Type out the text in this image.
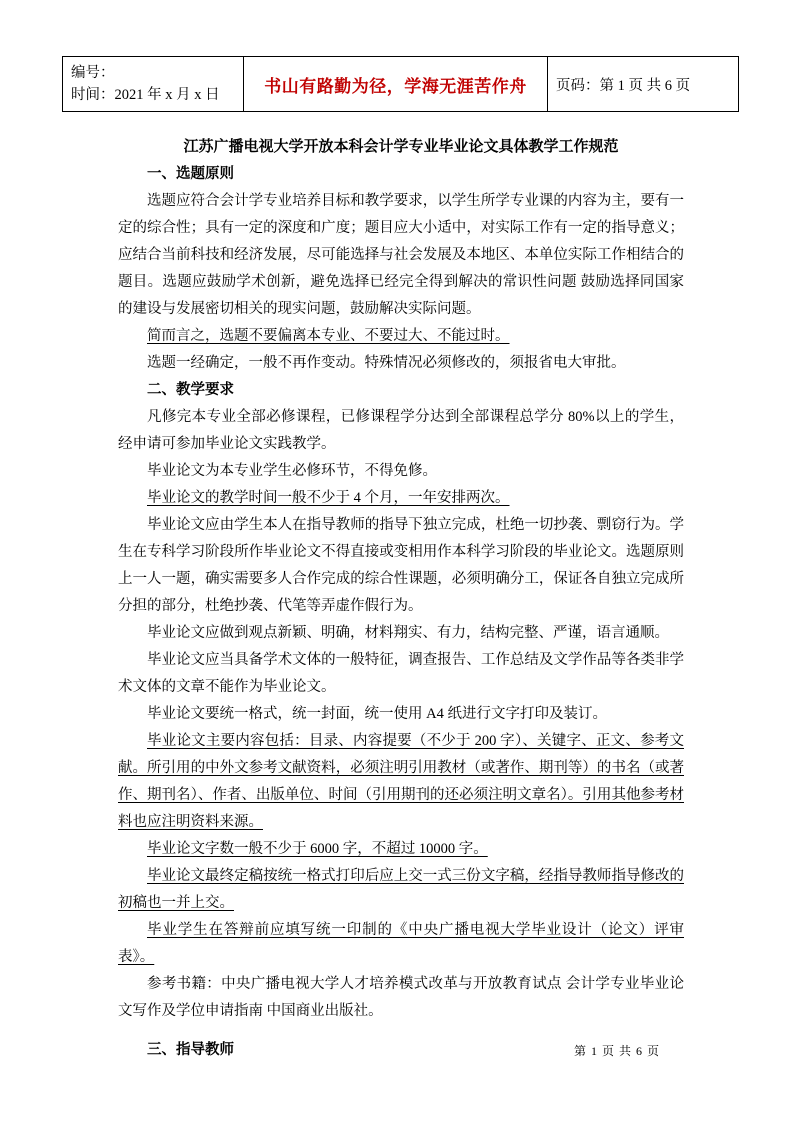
编号：
时间：2021 年 x 月 x 日	书山有路勤为径，学海无涯苦作舟	页码：第 1 页 共 6 页
江苏广播电视大学开放本科会计学专业毕业论文具体教学工作规范

一、选题原则

选题应符合会计学专业培养目标和教学要求，以学生所学专业课的内容为主，要有一定的综合性；具有一定的深度和广度；题目应大小适中，对实际工作有一定的指导意义；应结合当前科技和经济发展，尽可能选择与社会发展及本地区、本单位实际工作相结合的题目。选题应鼓励学术创新，避免选择已经完全得到解决的常识性问题 鼓励选择同国家的建设与发展密切相关的现实问题，鼓励解决实际问题。

简而言之，选题不要偏离本专业、不要过大、不能过时。

选题一经确定，一般不再作变动。特殊情况必须修改的，须报省电大审批。

二、教学要求

凡修完本专业全部必修课程，已修课程学分达到全部课程总学分 80%以上的学生，经申请可参加毕业论文实践教学。

毕业论文为本专业学生必修环节，不得免修。

毕业论文的教学时间一般不少于 4 个月，一年安排两次。

毕业论文应由学生本人在指导教师的指导下独立完成，杜绝一切抄袭、剽窃行为。学生在专科学习阶段所作毕业论文不得直接或变相用作本科学习阶段的毕业论文。选题原则上一人一题，确实需要多人合作完成的综合性课题，必须明确分工，保证各自独立完成所分担的部分，杜绝抄袭、代笔等弄虚作假行为。

毕业论文应做到观点新颖、明确，材料翔实、有力，结构完整、严谨，语言通顺。

毕业论文应当具备学术文体的一般特征，调查报告、工作总结及文学作品等各类非学术文体的文章不能作为毕业论文。

毕业论文要统一格式，统一封面，统一使用 A4 纸进行文字打印及装订。

毕业论文主要内容包括：目录、内容提要（不少于 200 字）、关键字、正文、参考文献。所引用的中外文参考文献资料，必须注明引用教材（或著作、期刊等）的书名（或著作、期刊名）、作者、出版单位、时间（引用期刊的还必须注明文章名）。引用其他参考材料也应注明资料来源。

毕业论文字数一般不少于 6000 字，不超过 10000 字。

毕业论文最终定稿按统一格式打印后应上交一式三份文字稿，经指导教师指导修改的初稿也一并上交。

毕业学生在答辩前应填写统一印制的《中央广播电视大学毕业设计（论文）评审表》。

参考书籍：中央广播电视大学人才培养模式改革与开放教育试点 会计学专业毕业论文写作及学位申请指南 中国商业出版社。

三、指导教师	第 1 页 共 6 页
